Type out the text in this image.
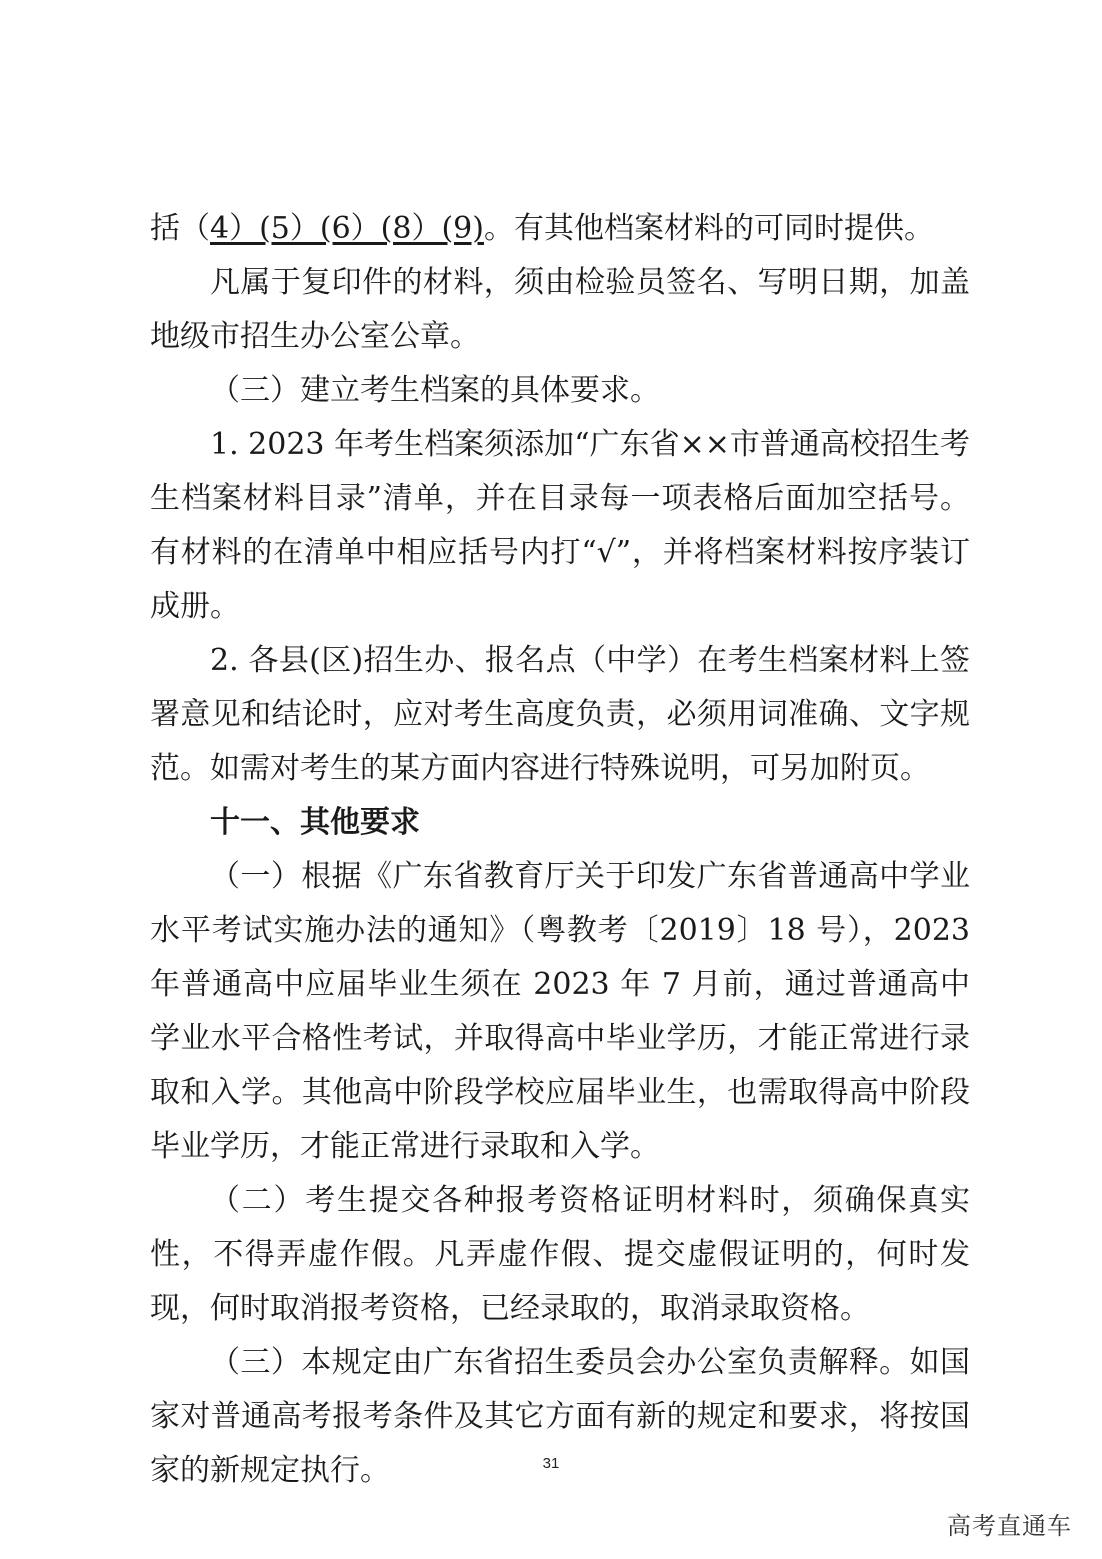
括（4）(5）(6）(8）(9)。有其他档案材料的可同时提供。

凡属于复印件的材料，须由检验员签名、写明日期，加盖地级市招生办公室公章。

（三）建立考生档案的具体要求。

1. 2023 年考生档案须添加“广东省××市普通高校招生考生档案材料目录”清单，并在目录每一项表格后面加空括号。有材料的在清单中相应括号内打“√”，并将档案材料按序装订成册。

2. 各县(区)招生办、报名点（中学）在考生档案材料上签署意见和结论时，应对考生高度负责，必须用词准确、文字规范。如需对考生的某方面内容进行特殊说明，可另加附页。

十一、其他要求

（一）根据《广东省教育厅关于印发广东省普通高中学业水平考试实施办法的通知》（粤教考〔2019〕18 号），2023 年普通高中应届毕业生须在 2023 年 7 月前，通过普通高中学业水平合格性考试，并取得高中毕业学历，才能正常进行录取和入学。其他高中阶段学校应届毕业生，也需取得高中阶段毕业学历，才能正常进行录取和入学。

（二）考生提交各种报考资格证明材料时，须确保真实性，不得弄虚作假。凡弄虚作假、提交虚假证明的，何时发现，何时取消报考资格，已经录取的，取消录取资格。

（三）本规定由广东省招生委员会办公室负责解释。如国家对普通高考报考条件及其它方面有新的规定和要求，将按国家的新规定执行。	31
高考直通车
